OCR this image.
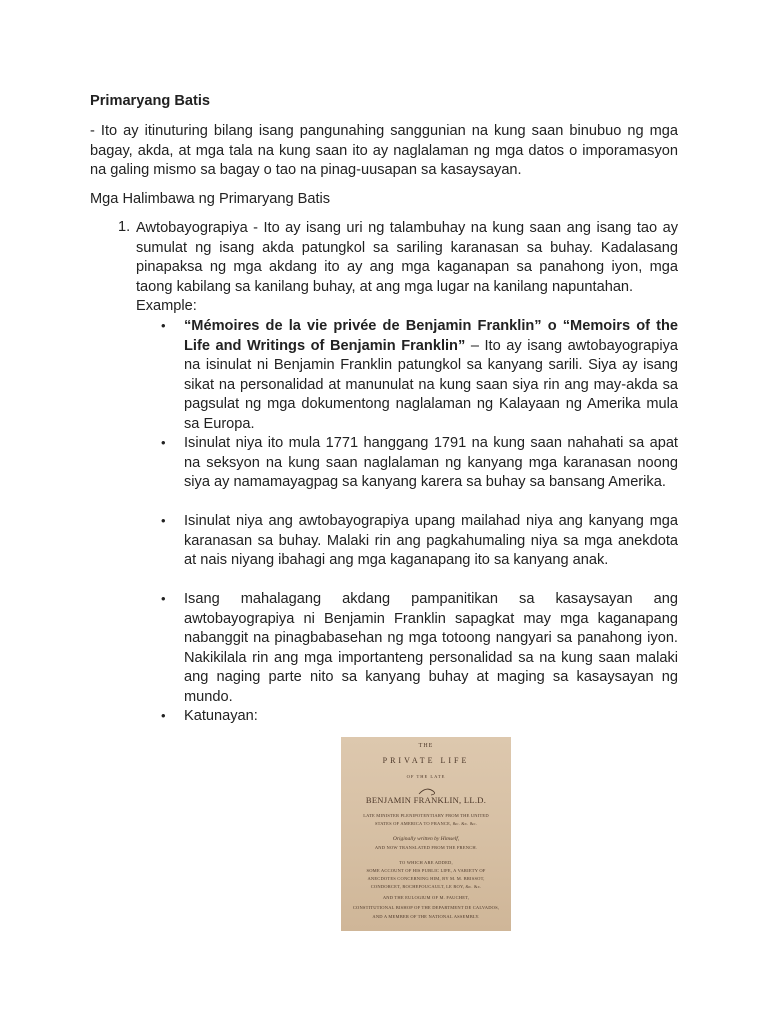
Primaryang Batis
- Ito ay itinuturing bilang isang pangunahing sanggunian na kung saan binubuo ng mga bagay, akda, at mga tala na kung saan ito ay naglalaman ng mga datos o imporamasyon na galing mismo sa bagay o tao na pinag-uusapan sa kasaysayan.
Mga Halimbawa ng Primaryang Batis
1. Awtobayograpiya - Ito ay isang uri ng talambuhay na kung saan ang isang tao ay sumulat ng isang akda patungkol sa sariling karanasan sa buhay. Kadalasang pinapaksa ng mga akdang ito ay ang mga kaganapan sa panahong iyon, mga taong kabilang sa kanilang buhay, at ang mga lugar na kanilang napuntahan.
Example:
• “Mémoires de la vie privée de Benjamin Franklin” o “Memoirs of the Life and Writings of Benjamin Franklin” – Ito ay isang awtobayograpiya na isinulat ni Benjamin Franklin patungkol sa kanyang sarili. Siya ay isang sikat na personalidad at manunulat na kung saan siya rin ang may-akda sa pagsulat ng mga dokumentong naglalaman ng Kalayaan ng Amerika mula sa Europa.
• Isinulat niya ito mula 1771 hanggang 1791 na kung saan nahahati sa apat na seksyon na kung saan naglalaman ng kanyang mga karanasan noong siya ay namamayagpag sa kanyang karera sa buhay sa bansang Amerika.
• Isinulat niya ang awtobayograpiya upang mailahad niya ang kanyang mga karanasan sa buhay. Malaki rin ang pagkahumaling niya sa mga anekdota at nais niyang ibahagi ang mga kaganapang ito sa kanyang anak.
• Isang mahalagang akdang pampanitikan sa kasaysayan ang awtobayograpiya ni Benjamin Franklin sapagkat may mga kaganapang nabanggit na pinagbabasehan ng mga totoong nangyari sa panahong iyon. Nakikilala rin ang mga importanteng personalidad sa na kung saan malaki ang naging parte nito sa kanyang buhay at maging sa kasaysayan ng mundo.
• Katunayan:
THE
PRIVATE LIFE
OF THE LATE
BENJAMIN FRANKLIN, LL.D.
LATE MINISTER PLENIPOTENTIARY FROM THE UNITED
STATES OF AMERICA TO FRANCE, &c. &c. &c.
Originally written by Himself,
AND NOW TRANSLATED FROM THE FRENCH.
TO WHICH ARE ADDED,
SOME ACCOUNT OF HIS PUBLIC LIFE, A VARIETY OF
ANECDOTES CONCERNING HIM, BY M. M. BRISSOT,
CONDORCET, ROCHEFOUCAULT, LE ROY, &c. &c.
AND THE EULOGIUM OF M. FAUCHET,
CONSTITUTIONAL BISHOP OF THE DEPARTMENT DE CALVADOS,
AND A MEMBER OF THE NATIONAL ASSEMBLY.
